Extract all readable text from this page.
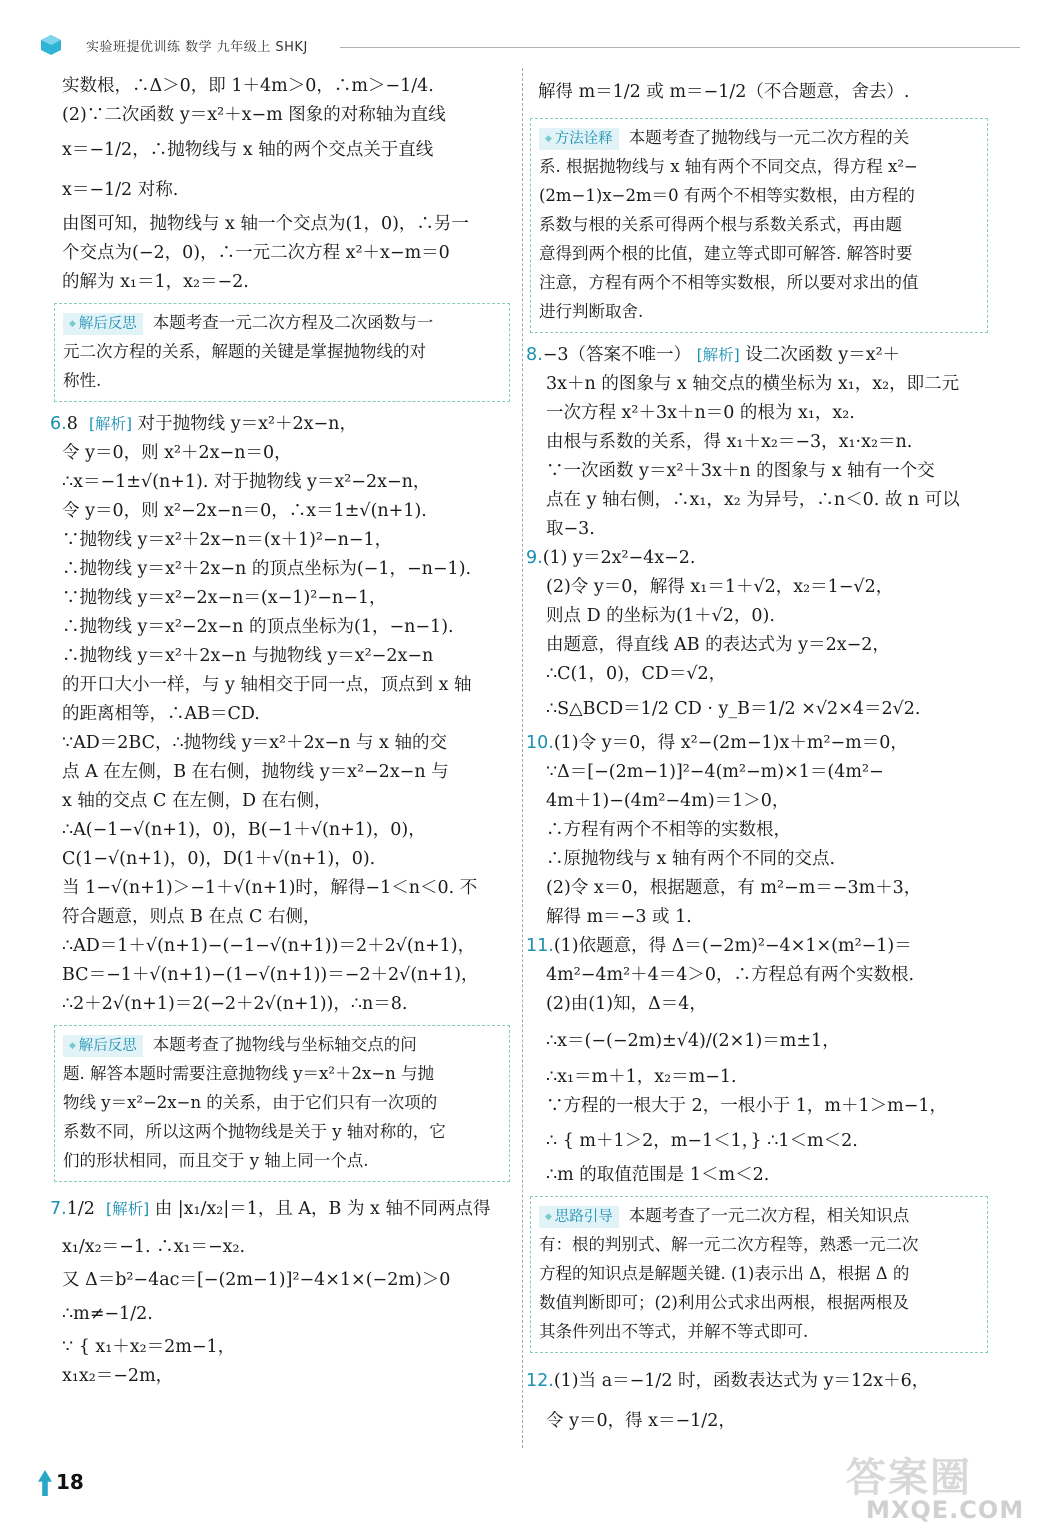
实验班提优训练 数学 九年级上 SHKJ
实数根，∴Δ＞0，即 1＋4m＞0，∴m＞−1/4.
(2)∵二次函数 y＝x²＋x−m 图象的对称轴为直线
x＝−1/2，∴抛物线与 x 轴的两个交点关于直线
x＝−1/2 对称.
由图可知，抛物线与 x 轴一个交点为(1，0)，∴另一
个交点为(−2，0)，∴一元二次方程 x²＋x−m＝0
的解为 x₁＝1，x₂＝−2.
◆ 解后反思 本题考查一元二次方程及二次函数与一
元二次方程的关系，解题的关键是掌握抛物线的对
称性.
6.8 [解析] 对于抛物线 y＝x²＋2x−n，
令 y＝0，则 x²＋2x−n＝0，
∴x＝−1±√(n+1). 对于抛物线 y＝x²−2x−n，
令 y＝0，则 x²−2x−n＝0，∴x＝1±√(n+1).
∵抛物线 y＝x²＋2x−n＝(x＋1)²−n−1，
∴抛物线 y＝x²＋2x−n 的顶点坐标为(−1，−n−1).
∵抛物线 y＝x²−2x−n＝(x−1)²−n−1，
∴抛物线 y＝x²−2x−n 的顶点坐标为(1，−n−1).
∴抛物线 y＝x²＋2x−n 与抛物线 y＝x²−2x−n
的开口大小一样，与 y 轴相交于同一点，顶点到 x 轴
的距离相等，∴AB＝CD.
∵AD＝2BC，∴抛物线 y＝x²＋2x−n 与 x 轴的交
点 A 在左侧，B 在右侧，抛物线 y＝x²−2x−n 与
x 轴的交点 C 在左侧，D 在右侧，
∴A(−1−√(n+1)，0)，B(−1＋√(n+1)，0)，
C(1−√(n+1)，0)，D(1＋√(n+1)，0).
当 1−√(n+1)＞−1＋√(n+1)时，解得−1＜n＜0. 不
符合题意，则点 B 在点 C 右侧，
∴AD＝1＋√(n+1)−(−1−√(n+1))＝2＋2√(n+1)，
BC＝−1＋√(n+1)−(1−√(n+1))＝−2＋2√(n+1)，
∴2＋2√(n+1)＝2(−2＋2√(n+1))，∴n＝8.
◆ 解后反思 本题考查了抛物线与坐标轴交点的问
题. 解答本题时需要注意抛物线 y＝x²＋2x−n 与抛
物线 y＝x²−2x−n 的关系，由于它们只有一次项的
系数不同，所以这两个抛物线是关于 y 轴对称的，它
们的形状相同，而且交于 y 轴上同一个点.
7.1/2 [解析] 由 |x₁/x₂|＝1，且 A，B 为 x 轴不同两点得
x₁/x₂＝−1. ∴x₁＝−x₂.
又 Δ＝b²−4ac＝[−(2m−1)]²−4×1×(−2m)＞0
∴m≠−1/2.
∵ { x₁＋x₂＝2m−1，
x₁x₂＝−2m，
解得 m＝1/2 或 m＝−1/2（不合题意，舍去）.
◆ 方法诠释 本题考查了抛物线与一元二次方程的关
系. 根据抛物线与 x 轴有两个不同交点，得方程 x²−
(2m−1)x−2m＝0 有两个不相等实数根，由方程的
系数与根的关系可得两个根与系数关系式，再由题
意得到两个根的比值，建立等式即可解答. 解答时要
注意，方程有两个不相等实数根，所以要对求出的值
进行判断取舍.
8.−3（答案不唯一） [解析] 设二次函数 y＝x²＋
3x＋n 的图象与 x 轴交点的横坐标为 x₁，x₂，即二元
一次方程 x²＋3x＋n＝0 的根为 x₁，x₂.
由根与系数的关系，得 x₁＋x₂＝−3，x₁·x₂＝n.
∵一次函数 y＝x²＋3x＋n 的图象与 x 轴有一个交
点在 y 轴右侧，∴x₁，x₂ 为异号，∴n＜0. 故 n 可以
取−3.
9.(1) y＝2x²−4x−2.
(2)令 y＝0，解得 x₁＝1＋√2，x₂＝1−√2，
则点 D 的坐标为(1＋√2，0).
由题意，得直线 AB 的表达式为 y＝2x−2，
∴C(1，0)，CD＝√2，
∴S△BCD＝1/2 CD · y_B＝1/2 ×√2×4＝2√2.
10.(1)令 y＝0，得 x²−(2m−1)x＋m²−m＝0，
∵Δ＝[−(2m−1)]²−4(m²−m)×1＝(4m²−
4m＋1)−(4m²−4m)＝1＞0，
∴方程有两个不相等的实数根，
∴原抛物线与 x 轴有两个不同的交点.
(2)令 x＝0，根据题意，有 m²−m＝−3m＋3，
解得 m＝−3 或 1.
11.(1)依题意，得 Δ＝(−2m)²−4×1×(m²−1)＝
4m²−4m²＋4＝4＞0，∴方程总有两个实数根.
(2)由(1)知，Δ＝4，
∴x＝(−(−2m)±√4)/(2×1)＝m±1，
∴x₁＝m＋1，x₂＝m−1.
∵方程的一根大于 2，一根小于 1，m＋1＞m−1，
∴ { m＋1＞2，m−1＜1，} ∴1＜m＜2.
∴m 的取值范围是 1＜m＜2.
◆ 思路引导 本题考查了一元二次方程，相关知识点
有：根的判别式、解一元二次方程等，熟悉一元二次
方程的知识点是解题关键. (1)表示出 Δ，根据 Δ 的
数值判断即可；(2)利用公式求出两根，根据两根及
其条件列出不等式，并解不等式即可.
12.(1)当 a＝−1/2 时，函数表达式为 y＝12x＋6，
令 y＝0，得 x＝−1/2，
18	答案圈
MXQE.COM
